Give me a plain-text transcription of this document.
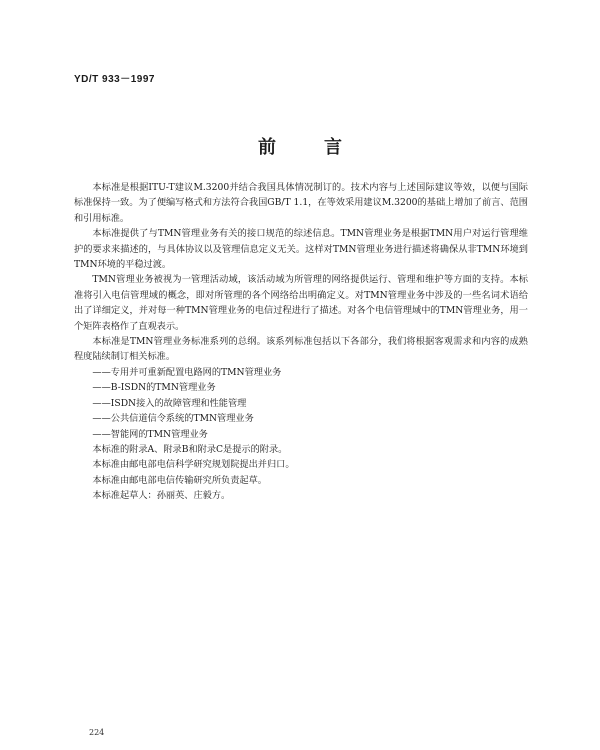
YD/T 933－1997
前言

本标准是根据ITU-T建议M.3200并结合我国具体情况制订的。技术内容与上述国际建议等效，以便与国际标准保持一致。为了便编写格式和方法符合我国GB/T 1.1，在等效采用建议M.3200的基础上增加了前言、范围和引用标准。

本标准提供了与TMN管理业务有关的接口规范的综述信息。TMN管理业务是根据TMN用户对运行管理维护的要求来描述的，与具体协议以及管理信息定义无关。这样对TMN管理业务进行描述将确保从非TMN环境到TMN环境的平稳过渡。

TMN管理业务被视为一管理活动域，该活动域为所管理的网络提供运行、管理和维护等方面的支持。本标准将引入电信管理域的概念，即对所管理的各个网络给出明确定义。对TMN管理业务中涉及的一些名词术语给出了详细定义，并对每一种TMN管理业务的电信过程进行了描述。对各个电信管理域中的TMN管理业务，用一个矩阵表格作了直观表示。

本标准是TMN管理业务标准系列的总纲。该系列标准包括以下各部分，我们将根据客观需求和内容的成熟程度陆续制订相关标准。

——专用并可重新配置电路网的TMN管理业务
——B-ISDN的TMN管理业务
——ISDN接入的故障管理和性能管理
——公共信道信令系统的TMN管理业务
——智能网的TMN管理业务
本标准的附录A、附录B和附录C是提示的附录。
本标准由邮电部电信科学研究规划院提出并归口。
本标准由邮电部电信传输研究所负责起草。
本标准起草人：孙丽英、庄毅方。
224
